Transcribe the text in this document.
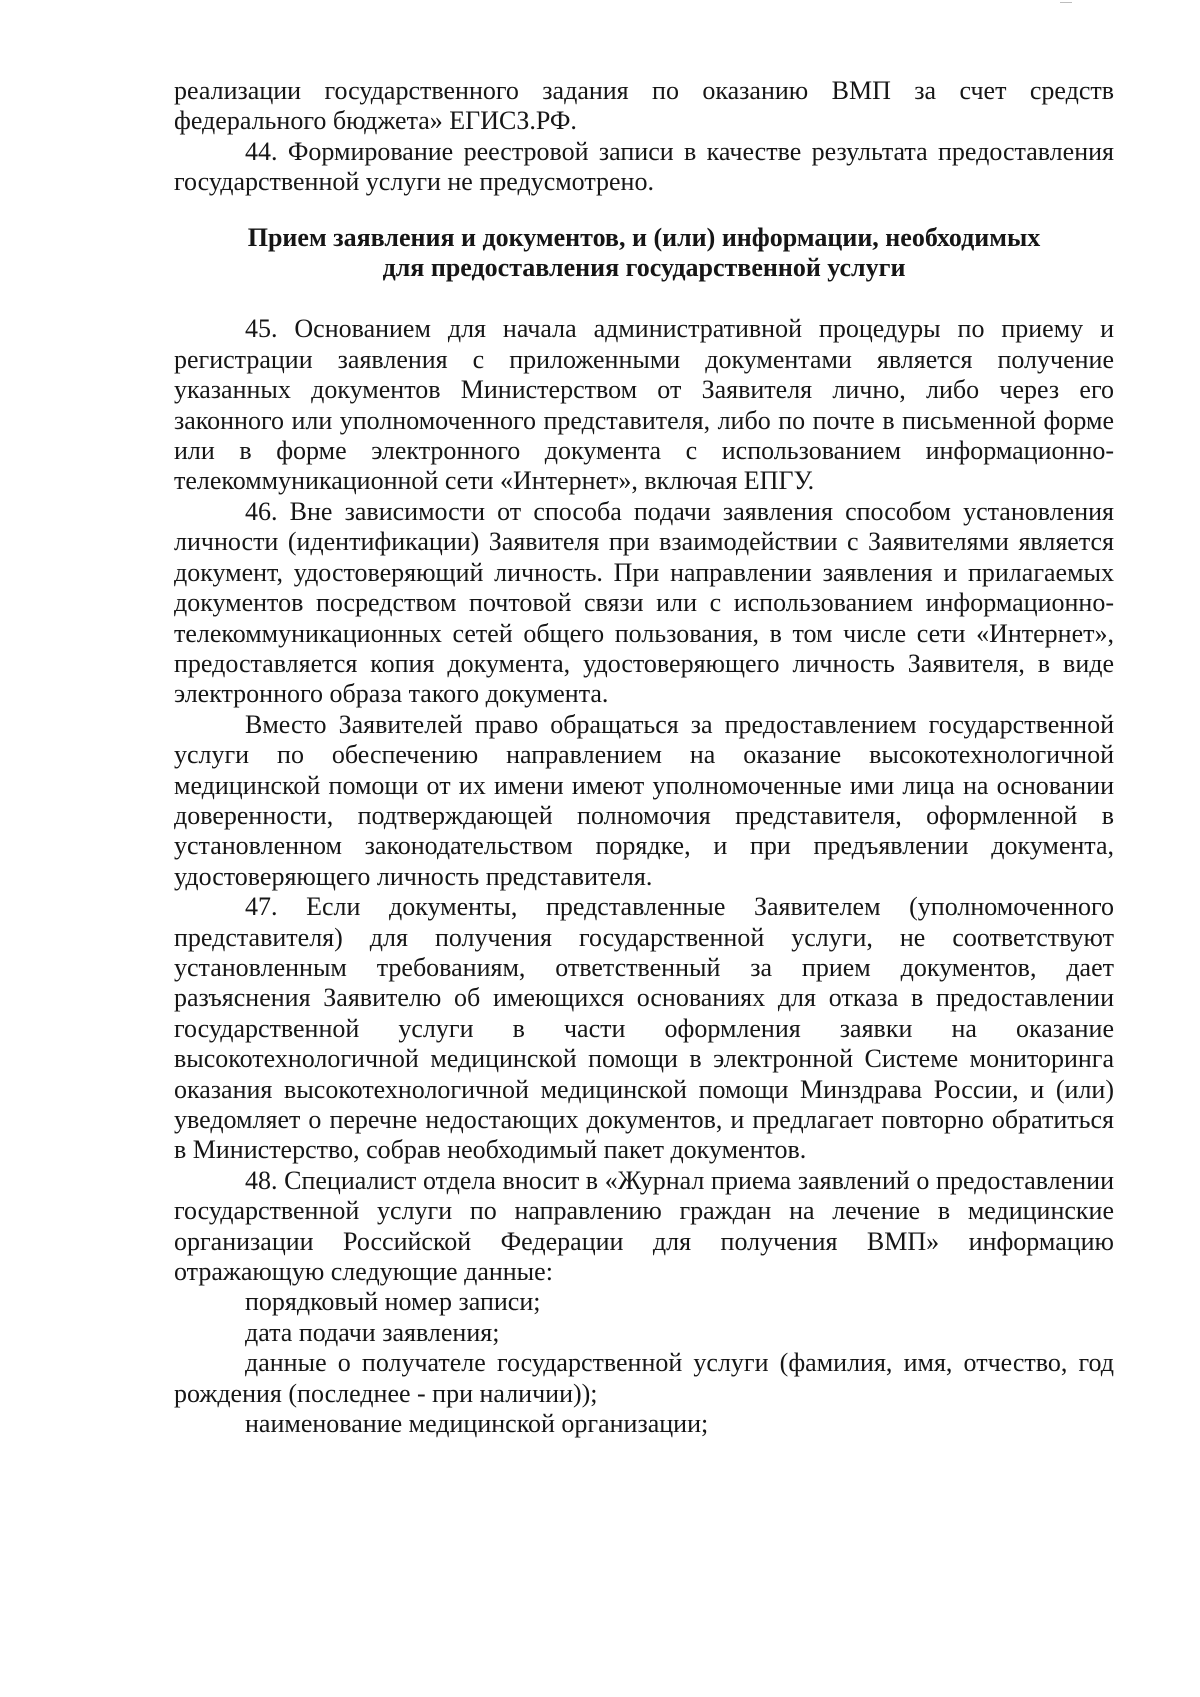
реализации государственного задания по оказанию ВМП за счет средств федерального бюджета» ЕГИСЗ.РФ.

44. Формирование реестровой записи в качестве результата предоставления государственной услуги не предусмотрено.

Прием заявления и документов, и (или) информации, необходимых
для предоставления государственной услуги

45. Основанием для начала административной процедуры по приему и регистрации заявления с приложенными документами является получение указанных документов Министерством от Заявителя лично, либо через его законного или уполномоченного представителя, либо по почте в письменной форме или в форме электронного документа с использованием информационно-телекоммуникационной сети «Интернет», включая ЕПГУ.

46. Вне зависимости от способа подачи заявления способом установления личности (идентификации) Заявителя при взаимодействии с Заявителями является документ, удостоверяющий личность. При направлении заявления и прилагаемых документов посредством почтовой связи или с использованием информационно-телекоммуникационных сетей общего пользования, в том числе сети «Интернет», предоставляется копия документа, удостоверяющего личность Заявителя, в виде электронного образа такого документа.

Вместо Заявителей право обращаться за предоставлением государственной услуги по обеспечению направлением на оказание высокотехнологичной медицинской помощи от их имени имеют уполномоченные ими лица на основании доверенности, подтверждающей полномочия представителя, оформленной в установленном законодательством порядке, и при предъявлении документа, удостоверяющего личность представителя.

47. Если документы, представленные Заявителем (уполномоченного представителя) для получения государственной услуги, не соответствуют установленным требованиям, ответственный за прием документов, дает разъяснения Заявителю об имеющихся основаниях для отказа в предоставлении государственной услуги в части оформления заявки на оказание высокотехнологичной медицинской помощи в электронной Системе мониторинга оказания высокотехнологичной медицинской помощи Минздрава России, и (или) уведомляет о перечне недостающих документов, и предлагает повторно обратиться в Министерство, собрав необходимый пакет документов.

48. Специалист отдела вносит в «Журнал приема заявлений о предоставлении государственной услуги по направлению граждан на лечение в медицинские организации Российской Федерации для получения ВМП» информацию отражающую следующие данные:

порядковый номер записи;

дата подачи заявления;

данные о получателе государственной услуги (фамилия, имя, отчество, год рождения (последнее - при наличии));

наименование медицинской организации;
